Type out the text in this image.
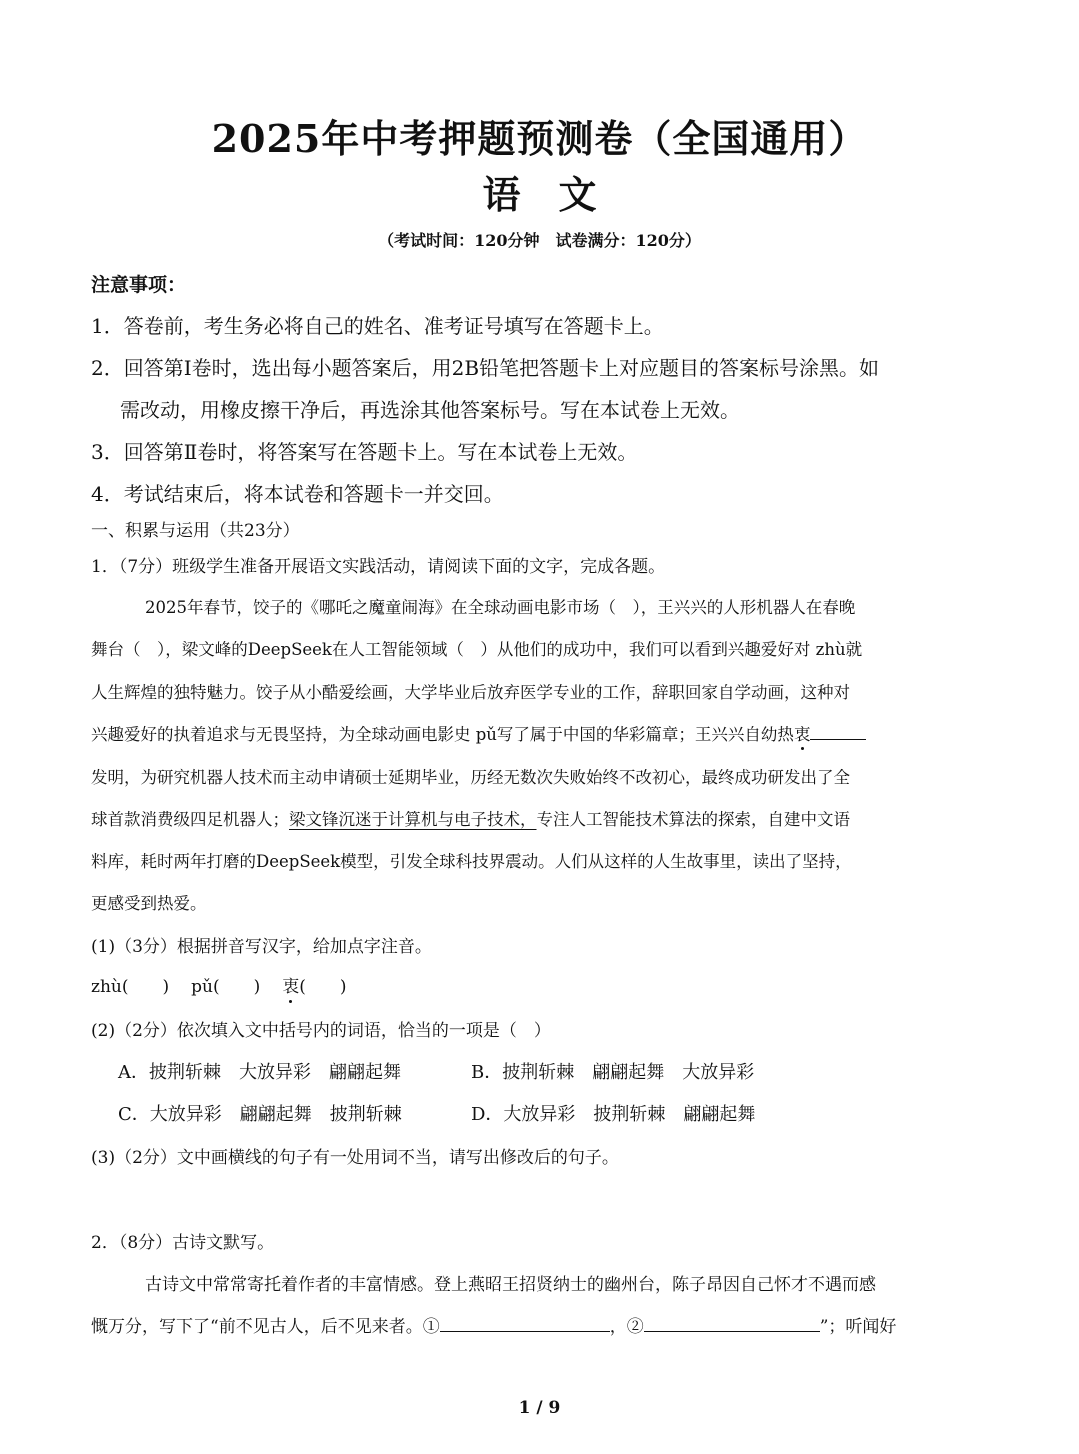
2025年中考押题预测卷（全国通用）
语　文
（考试时间：120分钟　试卷满分：120分）
注意事项：
1．答卷前，考生务必将自己的姓名、准考证号填写在答题卡上。
2．回答第Ⅰ卷时，选出每小题答案后，用2B铅笔把答题卡上对应题目的答案标号涂黑。如
需改动，用橡皮擦干净后，再选涂其他答案标号。写在本试卷上无效。
3．回答第Ⅱ卷时，将答案写在答题卡上。写在本试卷上无效。
4．考试结束后，将本试卷和答题卡一并交回。
一、积累与运用（共23分）
1．（7分）班级学生准备开展语文实践活动，请阅读下面的文字，完成各题。
2025年春节，饺子的《哪吒之魔童闹海》在全球动画电影市场（　），王兴兴的人形机器人在春晚
舞台（　），梁文峰的DeepSeek在人工智能领域（　）从他们的成功中，我们可以看到兴趣爱好对 zhù就
人生辉煌的独特魅力。饺子从小酷爱绘画，大学毕业后放弃医学专业的工作，辞职回家自学动画，这种对
兴趣爱好的执着追求与无畏坚持，为全球动画电影史 pǔ写了属于中国的华彩篇章；王兴兴自幼热衷
发明，为研究机器人技术而主动申请硕士延期毕业，历经无数次失败始终不改初心，最终成功研发出了全
球首款消费级四足机器人；梁文锋沉迷于计算机与电子技术，专注人工智能技术算法的探索，自建中文语
料库，耗时两年打磨的DeepSeek模型，引发全球科技界震动。人们从这样的人生故事里，读出了坚持，
更感受到热爱。
(1)（3分）根据拼音写汉字，给加点字注音。
zhù(　　) pǔ(　　) 衷(　　)
(2)（2分）依次填入文中括号内的词语，恰当的一项是（　）
A．披荆斩棘　大放异彩　翩翩起舞	B．披荆斩棘　翩翩起舞　大放异彩
C．大放异彩　翩翩起舞　披荆斩棘	D．大放异彩　披荆斩棘　翩翩起舞
(3)（2分）文中画横线的句子有一处用词不当，请写出修改后的句子。
2．（8分）古诗文默写。
古诗文中常常寄托着作者的丰富情感。登上燕昭王招贤纳士的幽州台，陈子昂因自己怀才不遇而感
慨万分，写下了“前不见古人，后不见来者。①	，②	”；听闻好
1 / 9
